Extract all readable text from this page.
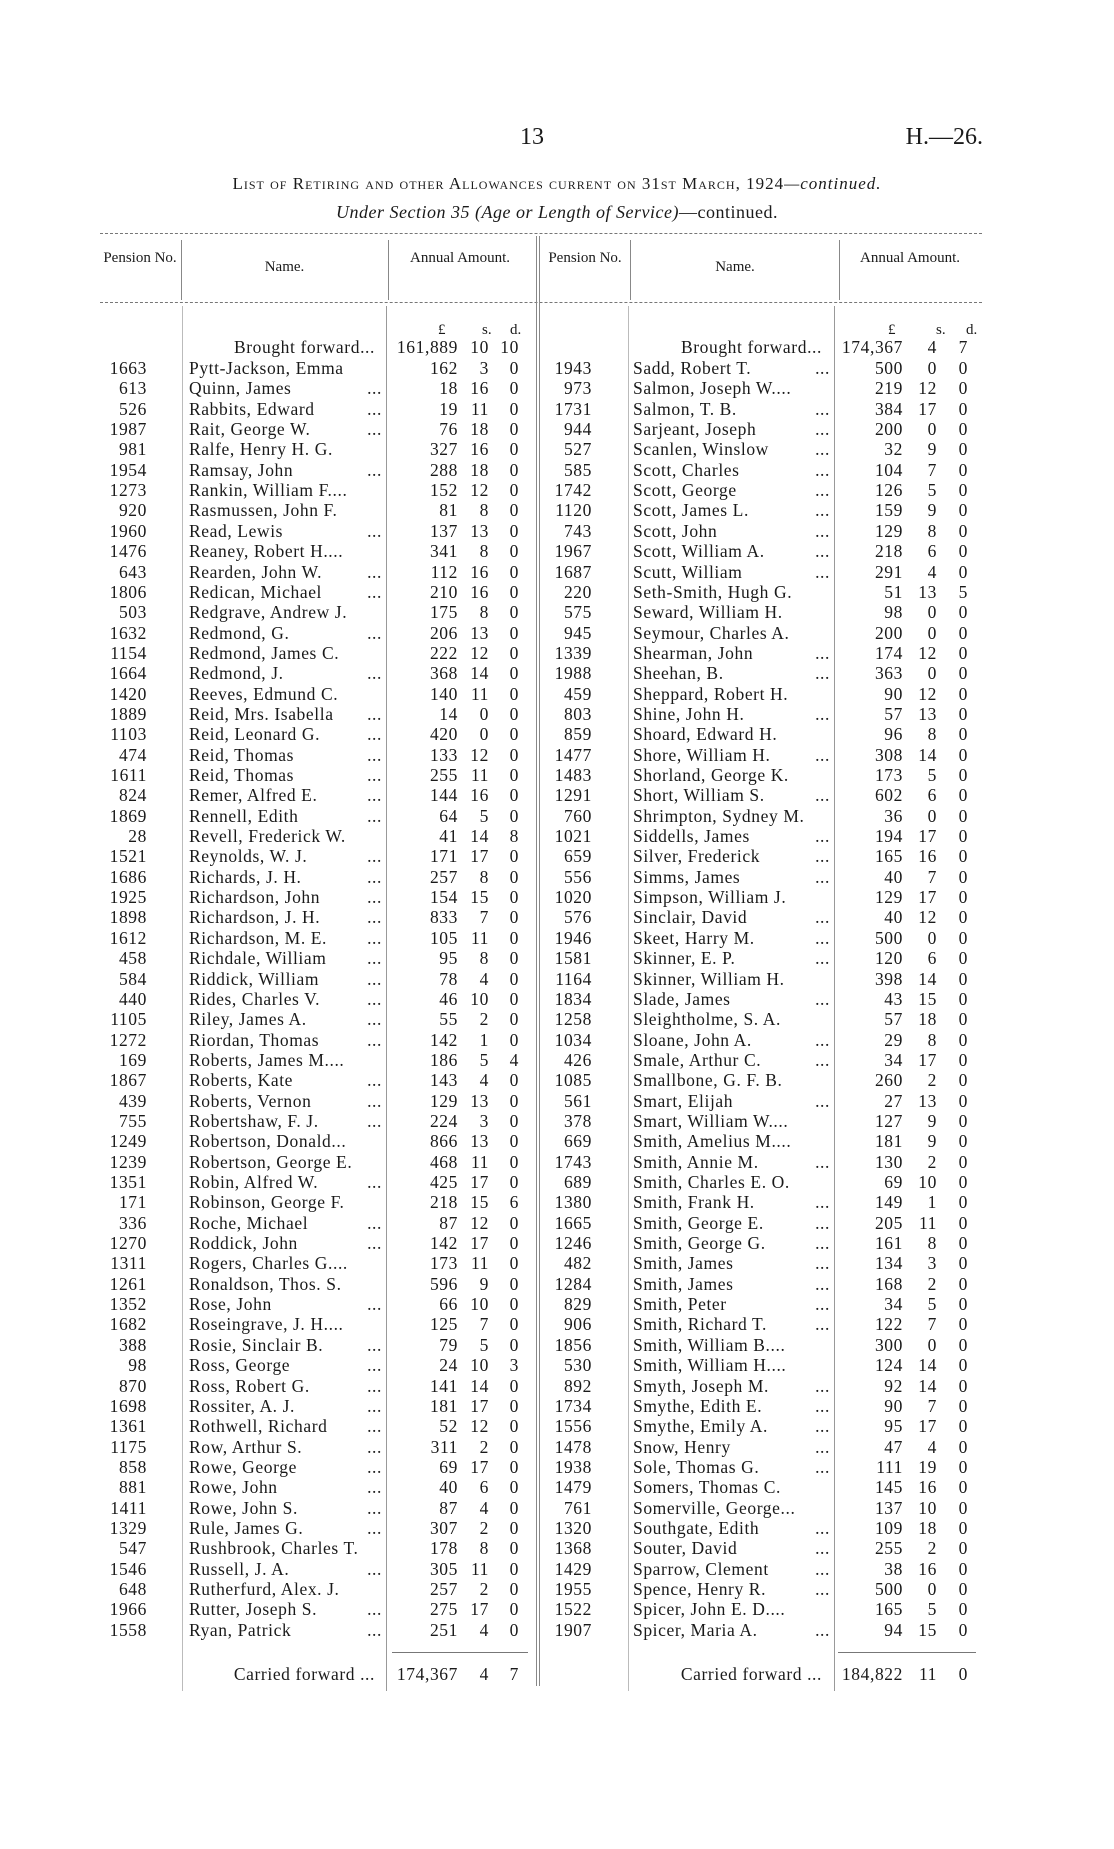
13	H.—26.
List of Retiring and other Allowances current on 31st March, 1924—continued.
Under Section 35 (Age or Length of Service)—continued.
Pension No.
Name.
Annual Amount.	Pension No.
Name.
Annual Amount.
£ s. d.	£	s. d.
Brought forward... 161,889 10 10
1663 Pytt-Jackson, Emma	162 3 0
613 Quinn, James	...	18 16 0
526 Rabbits, Edward	...	19 11 0
1987 Rait, George W.	...	76 18 0
981 Ralfe, Henry H. G.	327 16 0
1954 Ramsay, John	...	288 18 0
1273 Rankin, William F....	152 12 0
920 Rasmussen, John F.	81 8 0
1960 Read, Lewis	...	137 13 0
1476 Reaney, Robert H....	341 8 0
643 Rearden, John W.	...	112 16 0
1806 Redican, Michael	...	210 16 0
503 Redgrave, Andrew J.	175 8 0
1632 Redmond, G.	...	206 13 0
1154 Redmond, James C.	222 12 0
1664 Redmond, J.	...	368 14 0
1420 Reeves, Edmund C.	140 11 0
1889 Reid, Mrs. Isabella ...	14 0 0
1103 Reid, Leonard G.	...	420 0 0
474 Reid, Thomas	...	133 12 0
1611 Reid, Thomas	...	255 11 0
824 Remer, Alfred E.	...	144 16 0
1869 Rennell, Edith	...	64 5 0
28 Revell, Frederick W.	41 14 8
1521 Reynolds, W. J.	...	171 17 0
1686 Richards, J. H.	...	257 8 0
1925 Richardson, John	...	154 15 0
1898 Richardson, J. H.	...	833 7 0
1612 Richardson, M. E. ...	105 11 0
458 Richdale, William ...	95 8 0
584 Riddick, William	...	78 4 0
440 Rides, Charles V.	...	46 10 0
1105 Riley, James A.	...	55 2 0
1272 Riordan, Thomas	...	142 1 0
169 Roberts, James M....	186 5 4
1867 Roberts, Kate	...	143 4 0
439 Roberts, Vernon	...	129 13 0
755 Robertshaw, F. J.	...	224 3 0
1249 Robertson, Donald...	866 13 0
1239 Robertson, George E.	468 11 0
1351 Robin, Alfred W.	...	425 17 0
171 Robinson, George F.	218 15 6
336 Roche, Michael	...	87 12 0
1270 Roddick, John	...	142 17 0
1311 Rogers, Charles G....	173 11 0
1261 Ronaldson, Thos. S.	596 9 0
1352 Rose, John	...	66 10 0
1682 Roseingrave, J. H....	125 7 0
388 Rosie, Sinclair B.	...	79 5 0
98 Ross, George	...	24 10 3
870 Ross, Robert G.	...	141 14 0
1698 Rossiter, A. J.	...	181 17 0
1361 Rothwell, Richard ...	52 12 0
1175 Row, Arthur S.	...	311 2 0
858 Rowe, George	...	69 17 0
881 Rowe, John	...	40 6 0
1411 Rowe, John S.	...	87 4 0
1329 Rule, James G.	...	307 2 0
547 Rushbrook, Charles T.	178 8 0
1546 Russell, J. A.	...	305 11 0
648 Rutherfurd, Alex. J.	257 2 0
1966 Rutter, Joseph S.	...	275 17 0
1558 Ryan, Patrick	...	251 4 0
Carried forward ... 174,367 4 7
Brought forward... 174,367 4 7
1943 Sadd, Robert T.	...	500 0 0
973 Salmon, Joseph W....	219 12 0
1731 Salmon, T. B.	...	384 17 0
944 Sarjeant, Joseph	...	200 0 0
527 Scanlen, Winslow	...	32 9 0
585 Scott, Charles	...	104 7 0
1742 Scott, George	...	126 5 0
1120 Scott, James L.	...	159 9 0
743 Scott, John	...	129 8 0
1967 Scott, William A.	...	218 6 0
1687 Scutt, William	...	291 4 0
220 Seth-Smith, Hugh G.	51 13 5
575 Seward, William H.	98 0 0
945 Seymour, Charles A.	200 0 0
1339 Shearman, John	...	174 12 0
1988 Sheehan, B.	...	363 0 0
459 Sheppard, Robert H.	90 12 0
803 Shine, John H.	...	57 13 0
859 Shoard, Edward H.	96 8 0
1477 Shore, William H.	...	308 14 0
1483 Shorland, George K.	173 5 0
1291 Short, William S.	...	602 6 0
760 Shrimpton, Sydney M.	36 0 0
1021 Siddells, James	...	194 17 0
659 Silver, Frederick	...	165 16 0
556 Simms, James	...	40 7 0
1020 Simpson, William J.	129 17 0
576 Sinclair, David	...	40 12 0
1946 Skeet, Harry M.	...	500 0 0
1581 Skinner, E. P.	...	120 6 0
1164 Skinner, William H.	398 14 0
1834 Slade, James	...	43 15 0
1258 Sleightholme, S. A.	57 18 0
1034 Sloane, John A.	...	29 8 0
426 Smale, Arthur C.	...	34 17 0
1085 Smallbone, G. F. B.	260 2 0
561 Smart, Elijah	...	27 13 0
378 Smart, William W....	127 9 0
669 Smith, Amelius M....	181 9 0
1743 Smith, Annie M.	...	130 2 0
689 Smith, Charles E. O.	69 10 0
1380 Smith, Frank H.	...	149 1 0
1665 Smith, George E.	...	205 11 0
1246 Smith, George G.	...	161 8 0
482 Smith, James	...	134 3 0
1284 Smith, James	...	168 2 0
829 Smith, Peter	...	34 5 0
906 Smith, Richard T.	...	122 7 0
1856 Smith, William B....	300 0 0
530 Smith, William H....	124 14 0
892 Smyth, Joseph M.	...	92 14 0
1734 Smythe, Edith E.	...	90 7 0
1556 Smythe, Emily A.	...	95 17 0
1478 Snow, Henry	...	47 4 0
1938 Sole, Thomas G.	...	111 19 0
1479 Somers, Thomas C.	145 16 0
761 Somerville, George...	137 10 0
1320 Southgate, Edith	...	109 18 0
1368 Souter, David	...	255 2 0
1429 Sparrow, Clement	...	38 16 0
1955 Spence, Henry R.	...	500 0 0
1522 Spicer, John E. D....	165 5 0
1907 Spicer, Maria A.	...	94 15 0
Carried forward ... 184,822 11 0
